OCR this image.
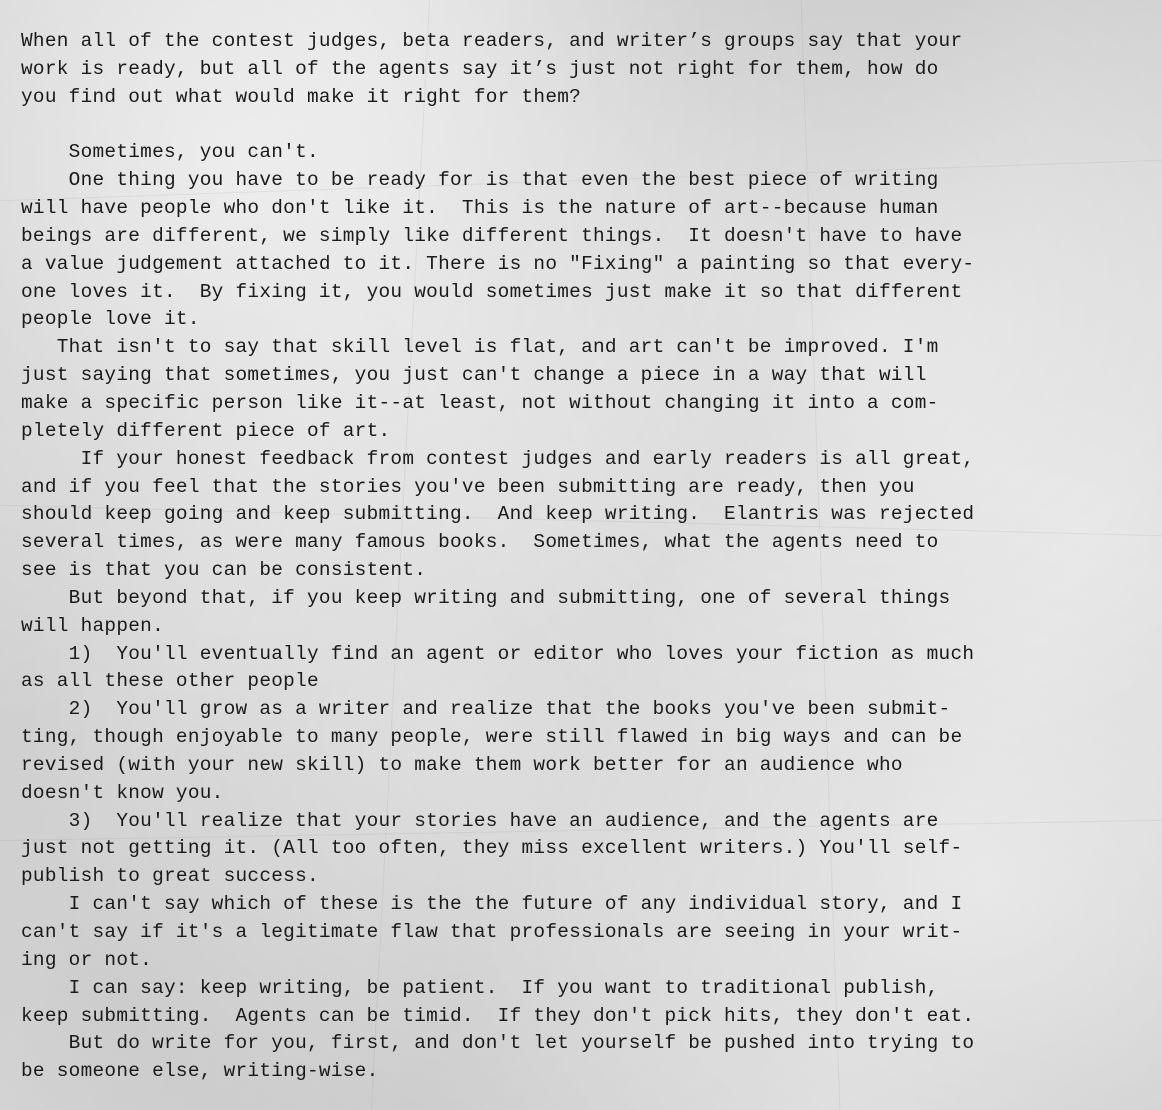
When all of the contest judges, beta readers, and writer’s groups say that your
work is ready, but all of the agents say it’s just not right for them, how do
you find out what would make it right for them?
Sometimes, you can't.
One thing you have to be ready for is that even the best piece of writing
will have people who don't like it.  This is the nature of art--because human
beings are different, we simply like different things.  It doesn't have to have
a value judgement attached to it. There is no "Fixing" a painting so that every-
one loves it.  By fixing it, you would sometimes just make it so that different
people love it.
That isn't to say that skill level is flat, and art can't be improved. I'm
just saying that sometimes, you just can't change a piece in a way that will
make a specific person like it--at least, not without changing it into a com-
pletely different piece of art.
If your honest feedback from contest judges and early readers is all great,
and if you feel that the stories you've been submitting are ready, then you
should keep going and keep submitting.  And keep writing.  Elantris was rejected
several times, as were many famous books.  Sometimes, what the agents need to
see is that you can be consistent.
But beyond that, if you keep writing and submitting, one of several things
will happen.
1)  You'll eventually find an agent or editor who loves your fiction as much
as all these other people
2)  You'll grow as a writer and realize that the books you've been submit-
ting, though enjoyable to many people, were still flawed in big ways and can be
revised (with your new skill) to make them work better for an audience who
doesn't know you.
3)  You'll realize that your stories have an audience, and the agents are
just not getting it. (All too often, they miss excellent writers.) You'll self-
publish to great success.
I can't say which of these is the the future of any individual story, and I
can't say if it's a legitimate flaw that professionals are seeing in your writ-
ing or not.
I can say: keep writing, be patient.  If you want to traditional publish,
keep submitting.  Agents can be timid.  If they don't pick hits, they don't eat.
But do write for you, first, and don't let yourself be pushed into trying to
be someone else, writing-wise.
